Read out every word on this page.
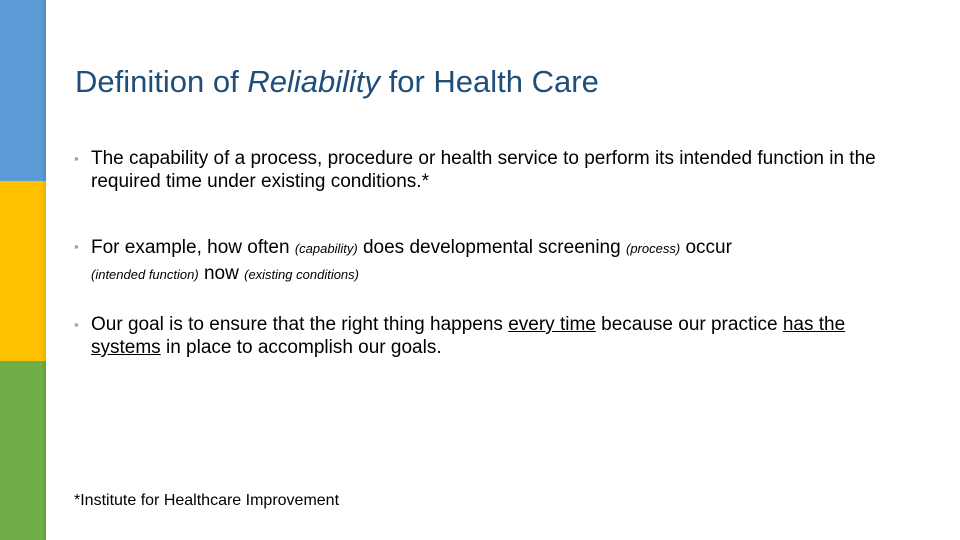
Definition of Reliability for Health Care
▪ The capability of a process, procedure or health service to perform its intended function in the required time under existing conditions.*
▪ For example, how often (capability) does developmental screening (process) occur
(intended function) now (existing conditions)
▪ Our goal is to ensure that the right thing happens every time because our practice has the systems in place to accomplish our goals.
*Institute for Healthcare Improvement
